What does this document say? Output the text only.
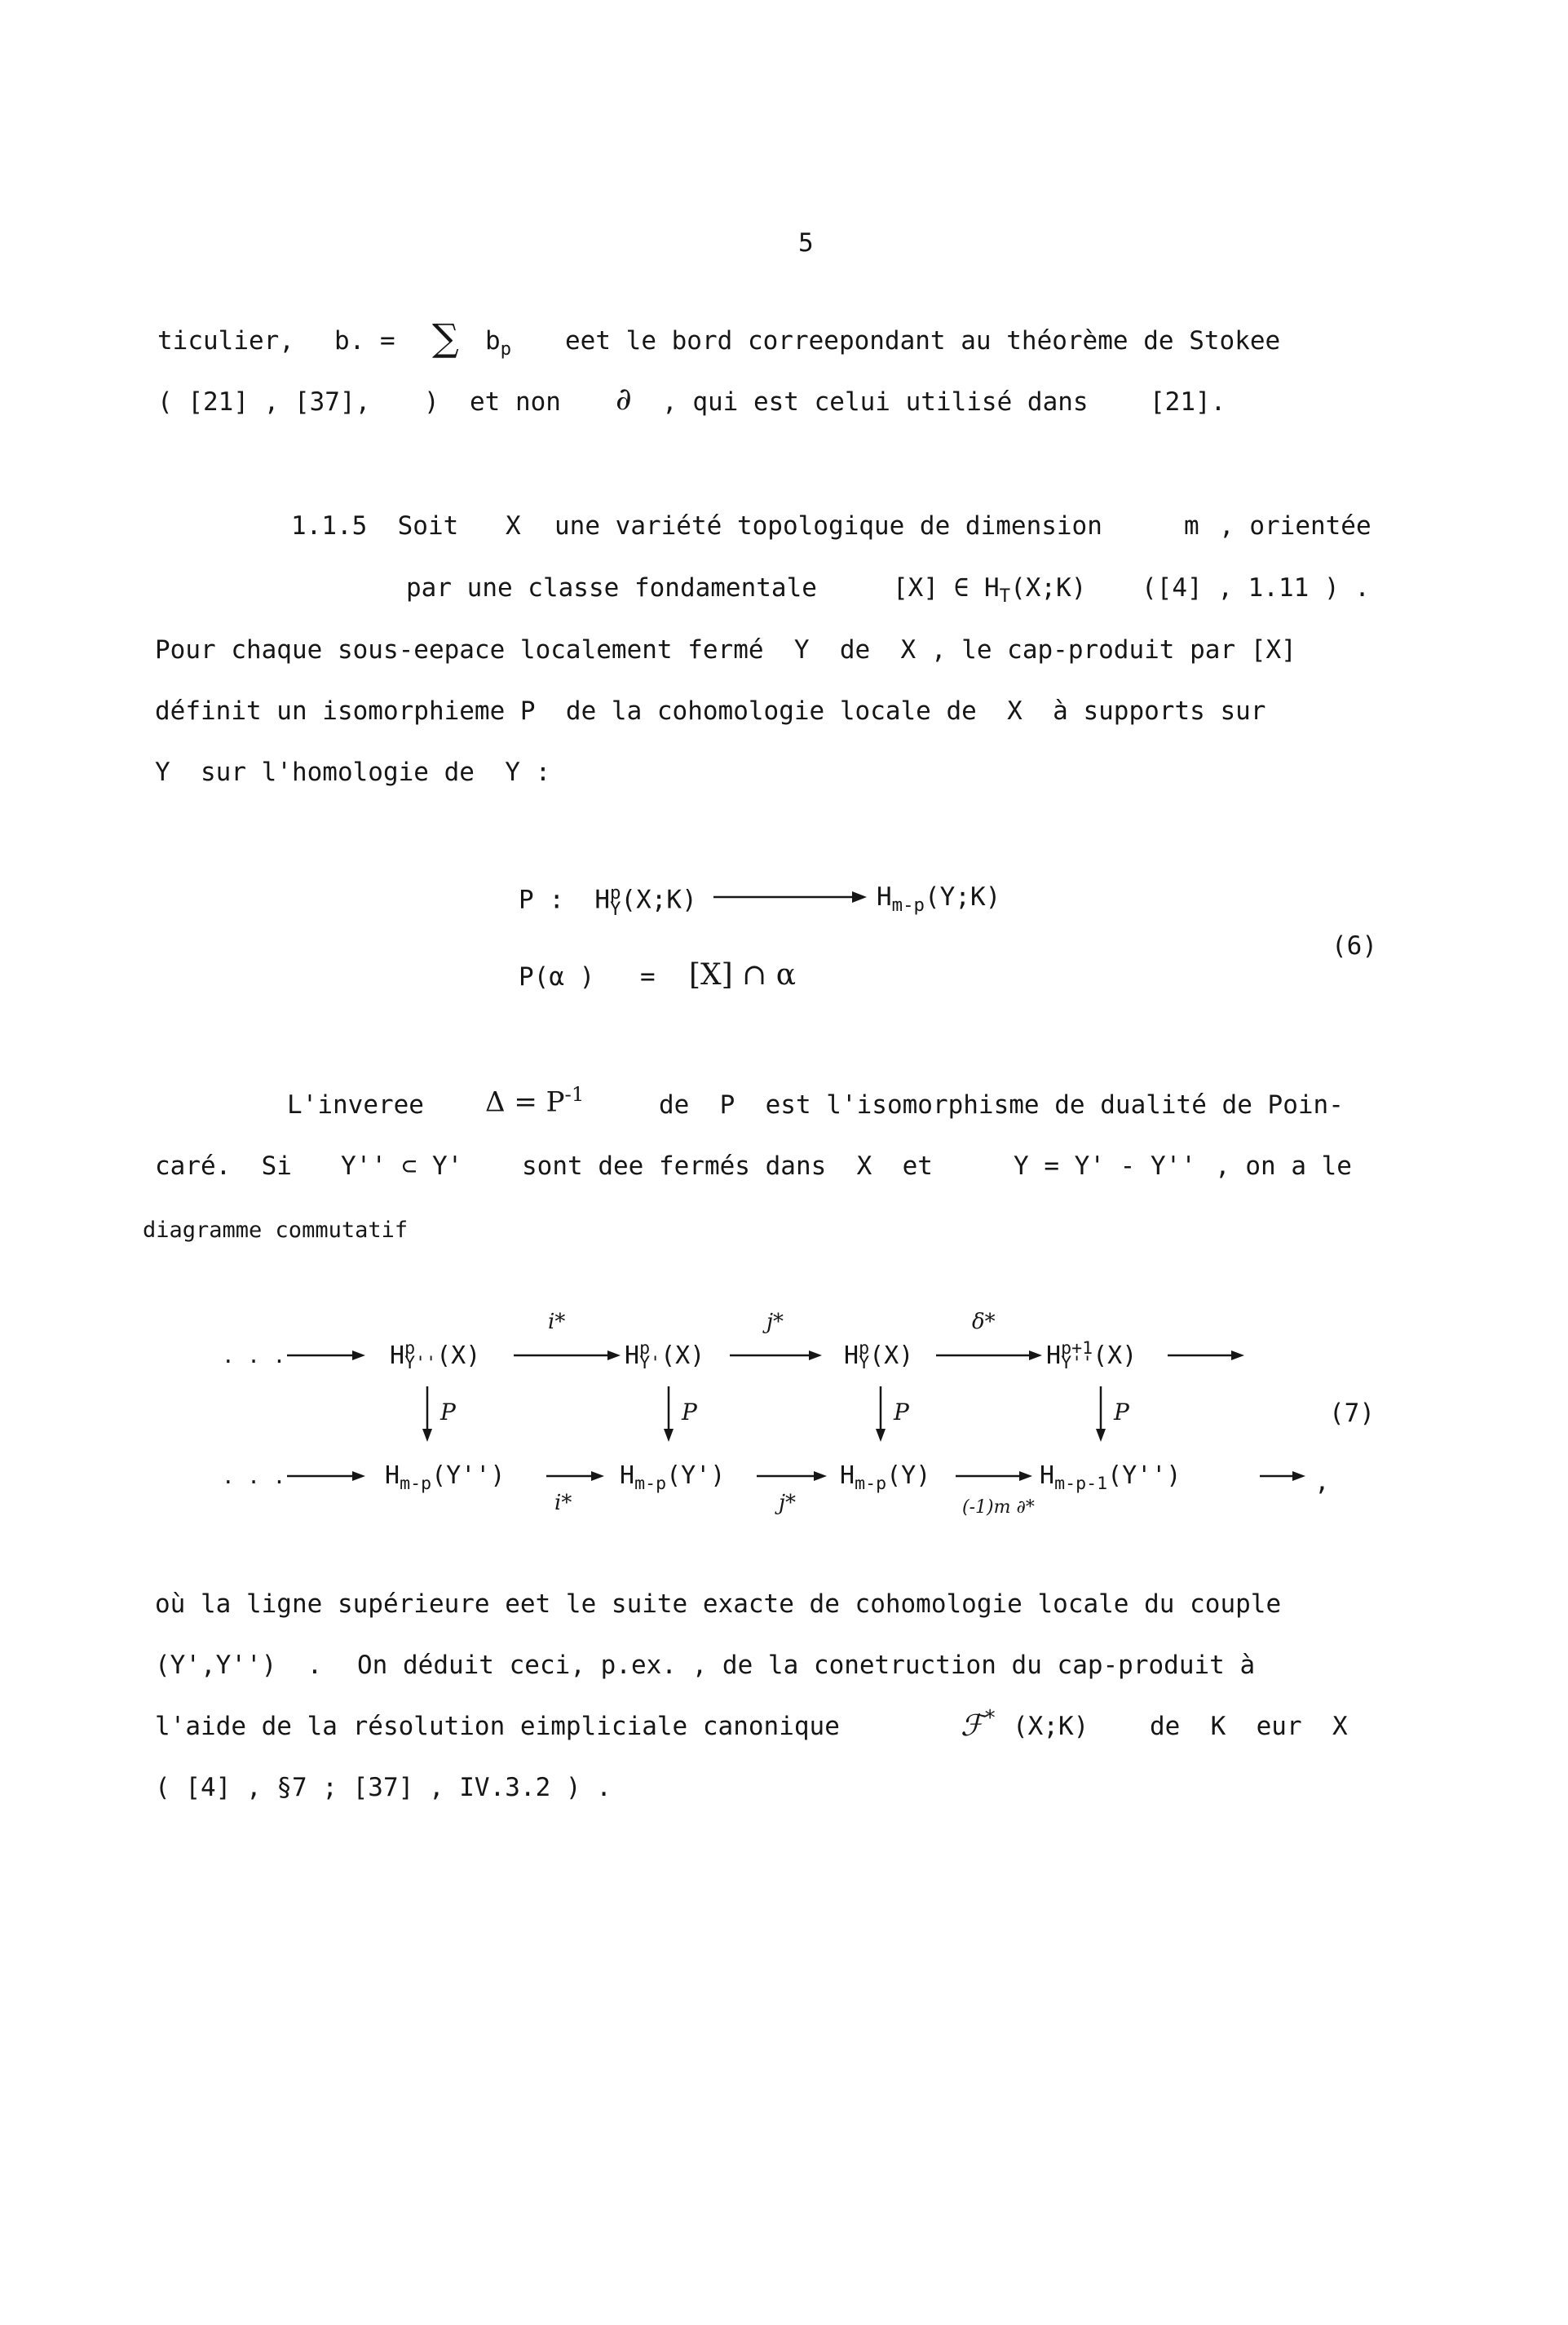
5
ticulier, b. = ∑ $b_p$ eet le bord correepondant au théorème de Stokee
( [21] , [37], )  et non ∂ , qui est celui utilisé dans [21].
1.1.5  Soit X une variété topologique de dimension	m , orientée
par une classe fondamentale	[X] ∈ $H_T(X;K)$ ([4] , 1.11 ) .
Pour chaque sous-eepace localement fermé  Y  de  X , le cap-produit par [X]
définit un isomorphieme P  de la cohomologie locale de  X  à supports sur
Y  sur l'homologie de  Y :
P :  H p
Y (X;K)	$H_{m-p}(Y;K)$
(6)
P(α ) = [X] ∩ α
L'inveree $\Delta = P^{-1}$	de  P  est l'isomorphisme de dualité de Poin-
caré.  Si Y'' ⊂ Y' sont dee fermés dans  X  et	Y = Y' - Y'' , on a le
diagramme commutatif
. . .	H p
Y'' (X)	H p
Y' (X)	H p
Y (X)	H p+1
Y'' (X)
i*	j*	δ*
P	P	P	P	(7)
. . .	$H_{m-p}(Y'')$	$H_{m-p}(Y')$	$H_{m-p}(Y)$	$H_{m-p-1}(Y'')$	,
i*	j*	(-1)m ∂*
où la ligne supérieure eet le suite exacte de cohomologie locale du couple
(Y',Y'')  . On déduit ceci, p.ex. , de la conetruction du cap-produit à
l'aide de la résolution eimpliciale canonique	ℱ* (X;K) de  K  eur  X
( [4] , §7 ; [37] , IV.3.2 ) .
